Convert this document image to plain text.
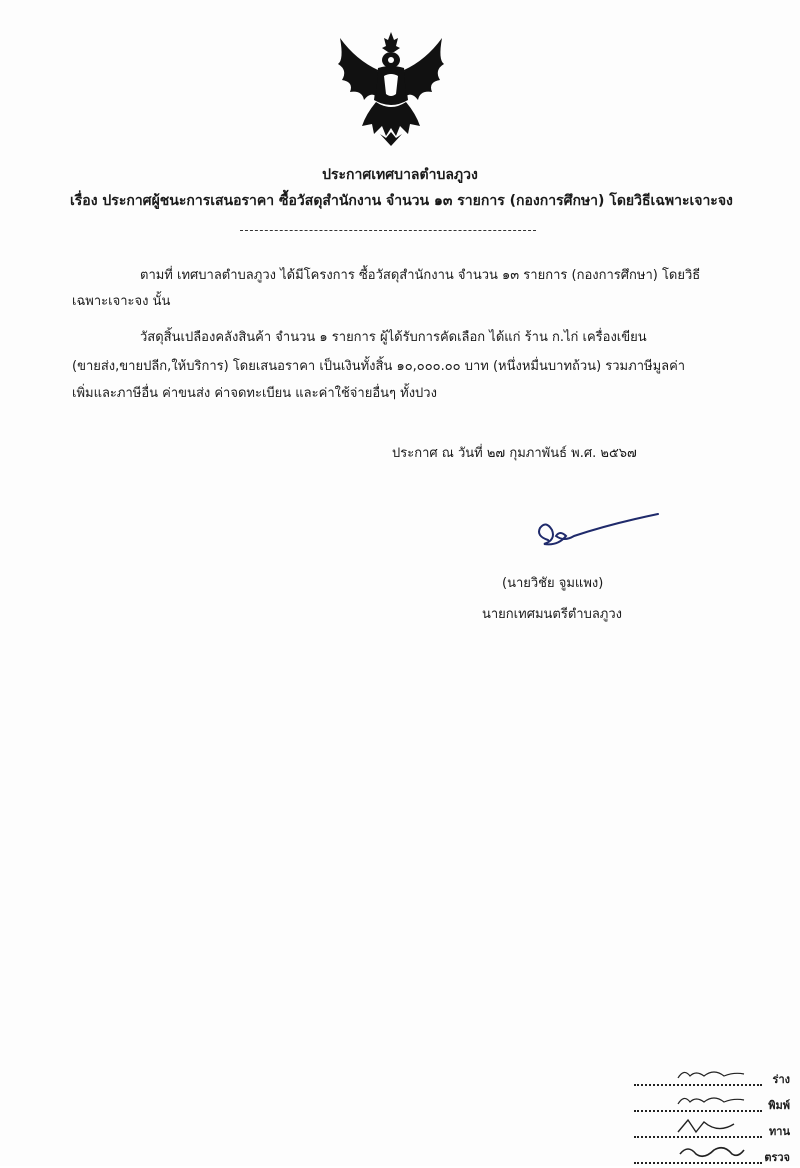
ประกาศเทศบาลตำบลภูวง
เรื่อง ประกาศผู้ชนะการเสนอราคา ซื้อวัสดุสำนักงาน จำนวน ๑๓ รายการ (กองการศึกษา) โดยวิธีเฉพาะเจาะจง
ตามที่ เทศบาลตำบลภูวง ได้มีโครงการ ซื้อวัสดุสำนักงาน จำนวน ๑๓ รายการ (กองการศึกษา) โดยวิธี
เฉพาะเจาะจง นั้น
วัสดุสิ้นเปลืองคลังสินค้า จำนวน ๑ รายการ ผู้ได้รับการคัดเลือก ได้แก่ ร้าน ก.ไก่ เครื่องเขียน
(ขายส่ง,ขายปลีก,ให้บริการ) โดยเสนอราคา เป็นเงินทั้งสิ้น ๑๐,๐๐๐.๐๐ บาท (หนึ่งหมื่นบาทถ้วน) รวมภาษีมูลค่า
เพิ่มและภาษีอื่น ค่าขนส่ง ค่าจดทะเบียน และค่าใช้จ่ายอื่นๆ ทั้งปวง
ประกาศ ณ วันที่ ๒๗ กุมภาพันธ์ พ.ศ. ๒๕๖๗
(นายวิชัย จูมแพง)
นายกเทศมนตรีตำบลภูวง
ร่าง
พิมพ์
ทาน
ตรวจ
